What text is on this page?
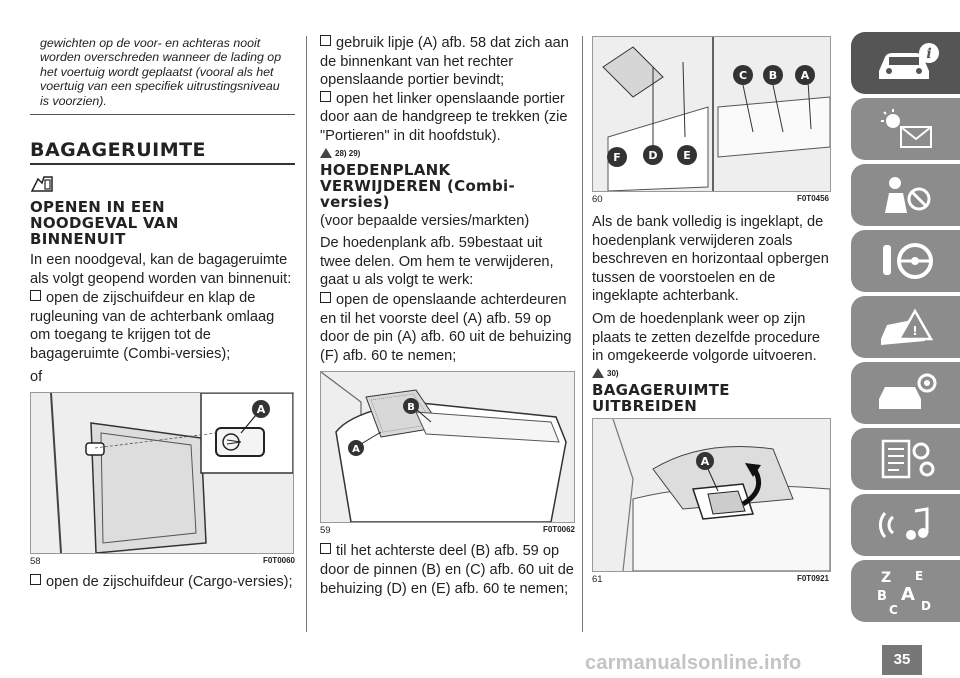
gewichten op de voor- en achteras nooit worden overschreden wanneer de lading op het voertuig wordt geplaatst (vooral als het voertuig van een specifiek uitrustingsniveau is voorzien).

BAGAGERUIMTE
OPENEN IN EEN NOODGEVAL VAN BINNENUIT

In een noodgeval, kan de bagageruimte als volgt geopend worden van binnenuit:

open de zijschuifdeur en klap de rugleuning van de achterbank omlaag om toegang te krijgen tot de bagageruimte (Combi-versies);

of

A
58	F0T0060

open de zijschuifdeur (Cargo-versies);

gebruik lipje (A) afb. 58 dat zich aan de binnenkant van het rechter openslaande portier bevindt;

open het linker openslaande portier door aan de handgreep te trekken (zie "Portieren" in dit hoofdstuk).

28) 29)
HOEDENPLANK VERWIJDEREN (Combi-versies)

(voor bepaalde versies/markten)

De hoedenplank afb. 59bestaat uit twee delen. Om hem te verwijderen, gaat u als volgt te werk:

open de openslaande achterdeuren en til het voorste deel (A) afb. 59 op door de pin (A) afb. 60 uit de behuizing (F) afb. 60 te nemen;

A
B
59	F0T0062

til het achterste deel (B) afb. 59 op door de pinnen (B) en (C) afb. 60 uit de behuizing (D) en (E) afb. 60 te nemen;

C B A
F	D E
60	F0T0456

Als de bank volledig is ingeklapt, de hoedenplank verwijderen zoals beschreven en horizontaal opbergen tussen de voorstoelen en de ingeklapte achterbank.

Om de hoedenplank weer op zijn plaats te zetten dezelfde procedure in omgekeerde volgorde uitvoeren.

30)
BAGAGERUIMTE UITBREIDEN
A
61	F0T0921
i
!
Z E
B A
C D
35
carmanualsonline.info
